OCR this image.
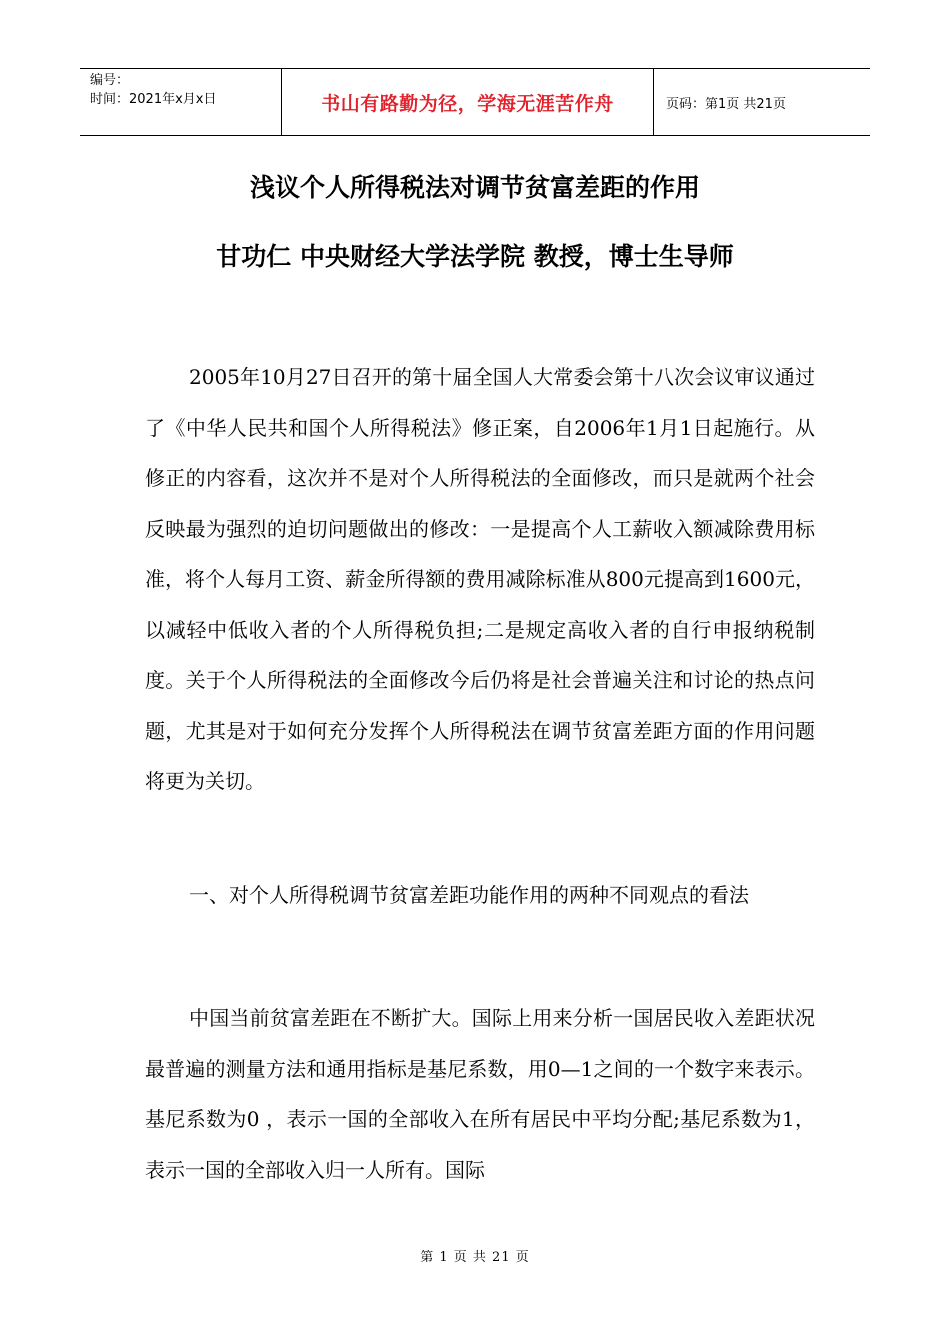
编号：
时间：2021年x月x日	书山有路勤为径，学海无涯苦作舟	页码：第1页 共21页
浅议个人所得税法对调节贫富差距的作用
甘功仁 中央财经大学法学院 教授，博士生导师

2005年10月27日召开的第十届全国人大常委会第十八次会议审议通过了《中华人民共和国个人所得税法》修正案，自2006年1月1日起施行。从修正的内容看，这次并不是对个人所得税法的全面修改，而只是就两个社会反映最为强烈的迫切问题做出的修改：一是提高个人工薪收入额减除费用标准，将个人每月工资、薪金所得额的费用减除标准从800元提高到1600元，以减轻中低收入者的个人所得税负担;二是规定高收入者的自行申报纳税制度。关于个人所得税法的全面修改今后仍将是社会普遍关注和讨论的热点问题，尤其是对于如何充分发挥个人所得税法在调节贫富差距方面的作用问题将更为关切。

一、对个人所得税调节贫富差距功能作用的两种不同观点的看法

中国当前贫富差距在不断扩大。国际上用来分析一国居民收入差距状况最普遍的测量方法和通用指标是基尼系数，用0—1之间的一个数字来表示。基尼系数为0 ，表示一国的全部收入在所有居民中平均分配;基尼系数为1，表示一国的全部收入归一人所有。国际

第 1 页 共 21 页
